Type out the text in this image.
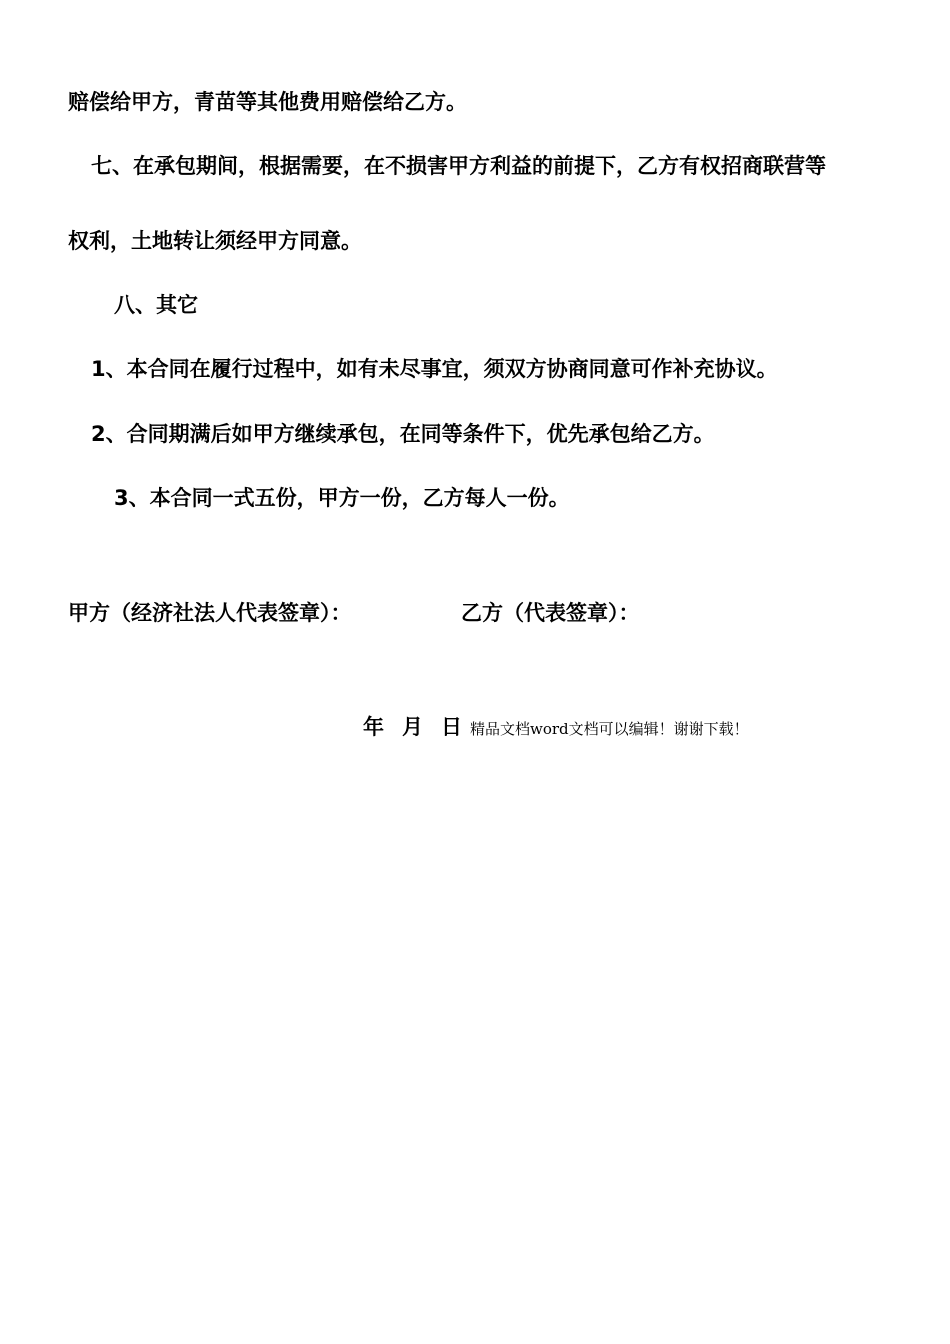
赔偿给甲方，青苗等其他费用赔偿给乙方。

七、在承包期间，根据需要，在不损害甲方利益的前提下，乙方有权招商联营等

权利，土地转让须经甲方同意。

八、其它

1、本合同在履行过程中，如有未尽事宜，须双方协商同意可作补充协议。

2、合同期满后如甲方继续承包，在同等条件下，优先承包给乙方。

3、本合同一式五份，甲方一份，乙方每人一份。

甲方（经济社法人代表签章）：	乙方（代表签章）：

年 月 日 精品文档word文档可以编辑！谢谢下载！
